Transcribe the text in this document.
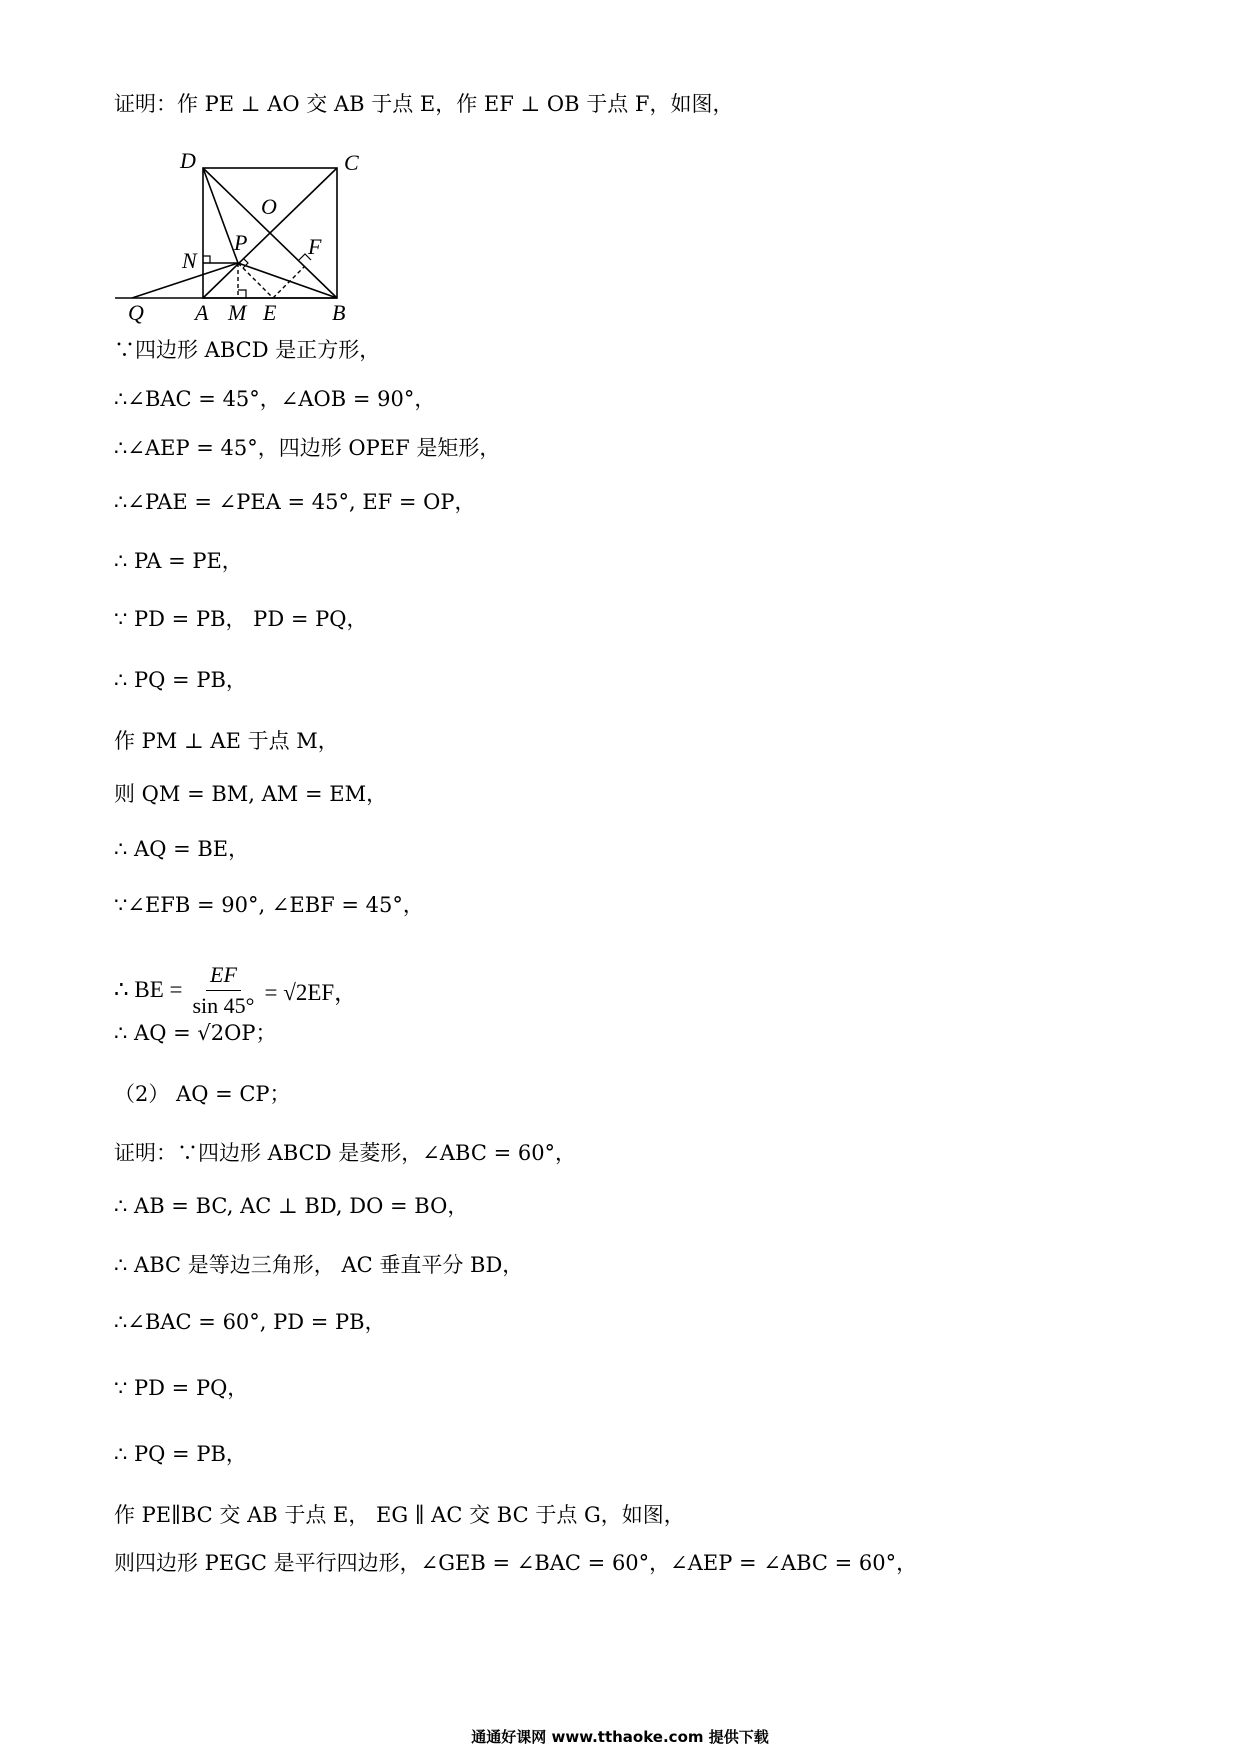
证明：作 PE ⊥ AO 交 AB 于点 E，作 EF ⊥ OB 于点 F，如图，
∵四边形 ABCD 是正方形，
∴∠BAC = 45°，∠AOB = 90°，
∴∠AEP = 45°，四边形 OPEF 是矩形，
∴∠PAE = ∠PEA = 45°, EF = OP，
∴ PA = PE，
∵ PD = PB， PD = PQ，
∴ PQ = PB，
作 PM ⊥ AE 于点 M，
则 QM = BM, AM = EM，
∴ AQ = BE，
∵∠EFB = 90°, ∠EBF = 45°，
∴ AQ = √2OP；
（2） AQ = CP；
证明：∵四边形 ABCD 是菱形，∠ABC = 60°，
∴ AB = BC, AC ⊥ BD, DO = BO，
∴ ABC 是等边三角形， AC 垂直平分 BD，
∴∠BAC = 60°, PD = PB，
∵ PD = PQ，
∴ PQ = PB，
作 PE∥BC 交 AB 于点 E， EG ∥ AC 交 BC 于点 G，如图，
则四边形 PEGC 是平行四边形，∠GEB = ∠BAC = 60°，∠AEP = ∠ABC = 60°，
∴ BE = $\frac{EF}{\sin 45^\circ} = √2EF$，
D	C
O
P	F
N
Q A M E	B
通通好课网 www.tthaoke.com 提供下载
